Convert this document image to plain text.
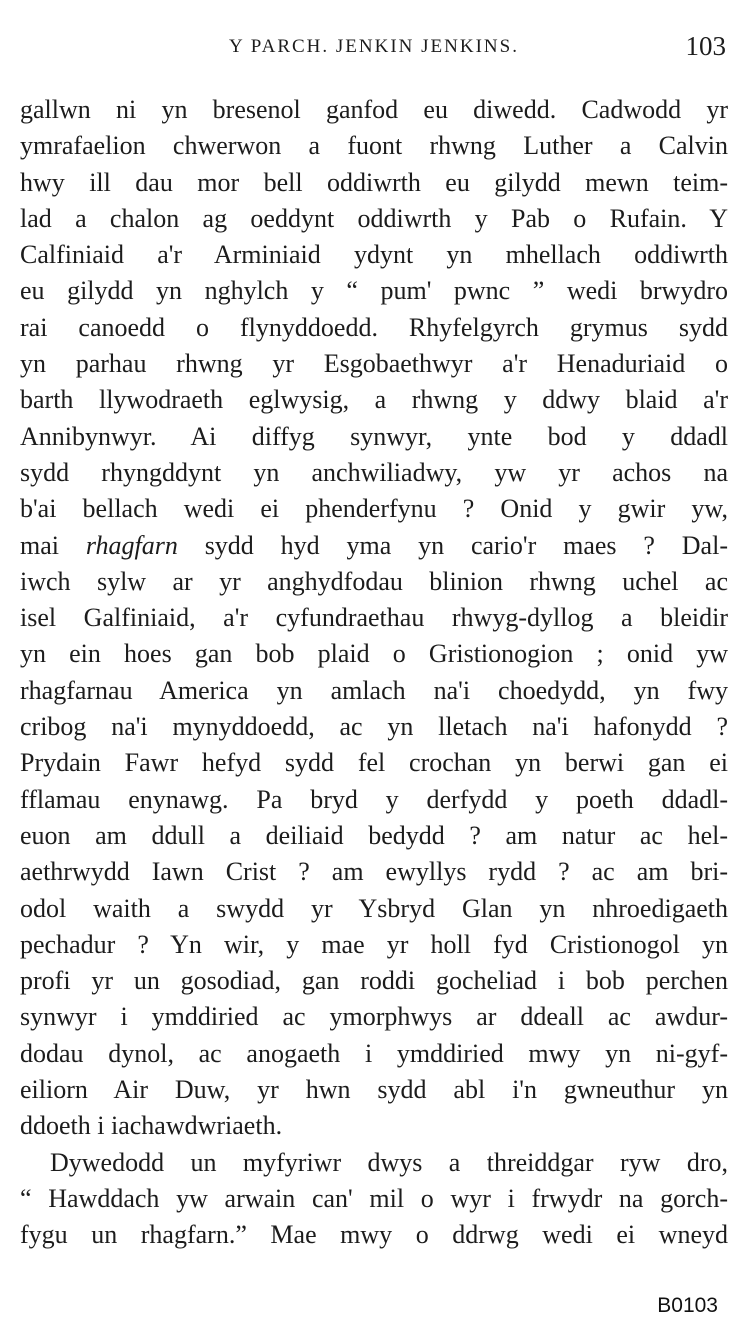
Y PARCH. JENKIN JENKINS.	103
gallwn ni yn bresenol ganfod eu diwedd. Cadwodd yr
ymrafaelion chwerwon a fuont rhwng Luther a Calvin
hwy ill dau mor bell oddiwrth eu gilydd mewn teim-
lad a chalon ag oeddynt oddiwrth y Pab o Rufain. Y
Calfiniaid a'r Arminiaid ydynt yn mhellach oddiwrth
eu gilydd yn nghylch y “ pum' pwnc ” wedi brwydro
rai canoedd o flynyddoedd. Rhyfelgyrch grymus sydd
yn parhau rhwng yr Esgobaethwyr a'r Henaduriaid o
barth llywodraeth eglwysig, a rhwng y ddwy blaid a'r
Annibynwyr. Ai diffyg synwyr, ynte bod y ddadl
sydd rhyngddynt yn anchwiliadwy, yw yr achos na
b'ai bellach wedi ei phenderfynu ? Onid y gwir yw,
mai rhagfarn sydd hyd yma yn cario'r maes ? Dal-
iwch sylw ar yr anghydfodau blinion rhwng uchel ac
isel Galfiniaid, a'r cyfundraethau rhwyg-dyllog a bleidir
yn ein hoes gan bob plaid o Gristionogion ; onid yw
rhagfarnau America yn amlach na'i choedydd, yn fwy
cribog na'i mynyddoedd, ac yn lletach na'i hafonydd ?
Prydain Fawr hefyd sydd fel crochan yn berwi gan ei
fflamau enynawg. Pa bryd y derfydd y poeth ddadl-
euon am ddull a deiliaid bedydd ? am natur ac hel-
aethrwydd Iawn Crist ? am ewyllys rydd ? ac am bri-
odol waith a swydd yr Ysbryd Glan yn nhroedigaeth
pechadur ? Yn wir, y mae yr holl fyd Cristionogol yn
profi yr un gosodiad, gan roddi gocheliad i bob perchen
synwyr i ymddiried ac ymorphwys ar ddeall ac awdur-
dodau dynol, ac anogaeth i ymddiried mwy yn ni-gyf-
eiliorn Air Duw, yr hwn sydd abl i'n gwneuthur yn
ddoeth i iachawdwriaeth.
Dywedodd un myfyriwr dwys a threiddgar ryw dro,
“ Hawddach yw arwain can' mil o wyr i frwydr na gorch-
fygu un rhagfarn.” Mae mwy o ddrwg wedi ei wneyd
B0103
